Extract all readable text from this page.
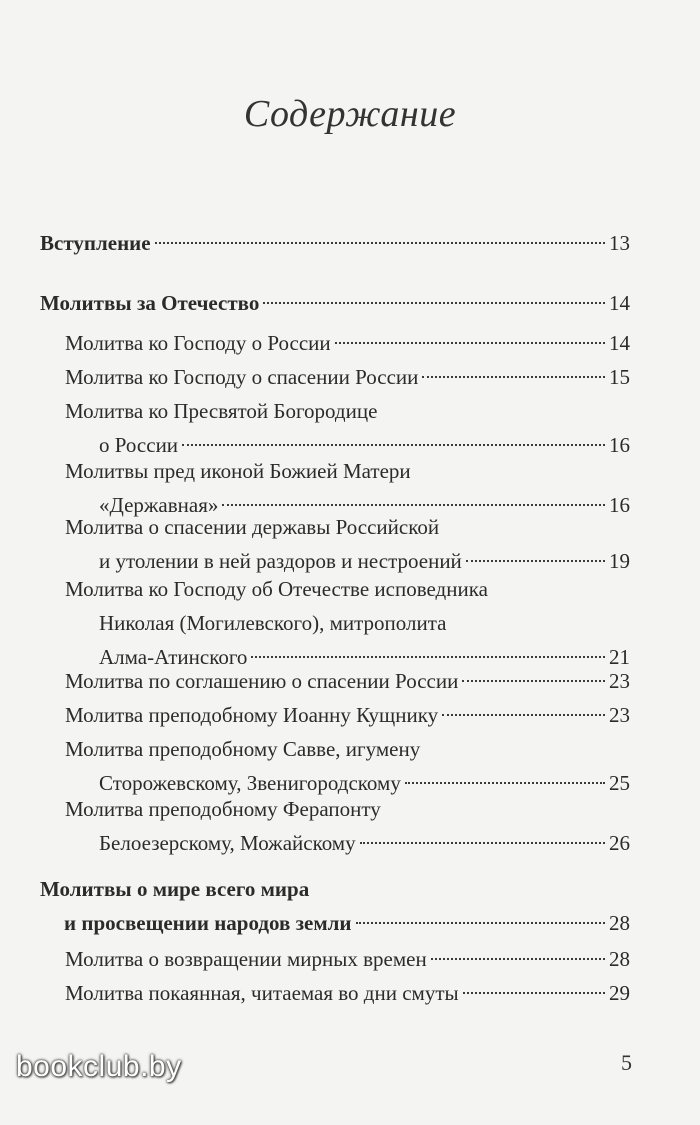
Содержание
Вступление	13
Молитвы за Отечество	14
Молитва ко Господу о России	14
Молитва ко Господу о спасении России	15
Молитва ко Пресвятой Богородице
о России	16
Молитвы пред иконой Божией Матери
«Державная»	16
Молитва о спасении державы Российской
и утолении в ней раздоров и нестроений	19
Молитва ко Господу об Отечестве исповедника
Николая (Могилевского), митрополита
Алма-Атинского	21
Молитва по соглашению о спасении России	23
Молитва преподобному Иоанну Кущнику	23
Молитва преподобному Савве, игумену
Сторожевскому, Звенигородскому	25
Молитва преподобному Ферапонту
Белоезерскому, Можайскому	26
Молитвы о мире всего мира
и просвещении народов земли	28
Молитва о возвращении мирных времен	28
Молитва покаянная, читаемая во дни смуты	29
5
bookclub.by
